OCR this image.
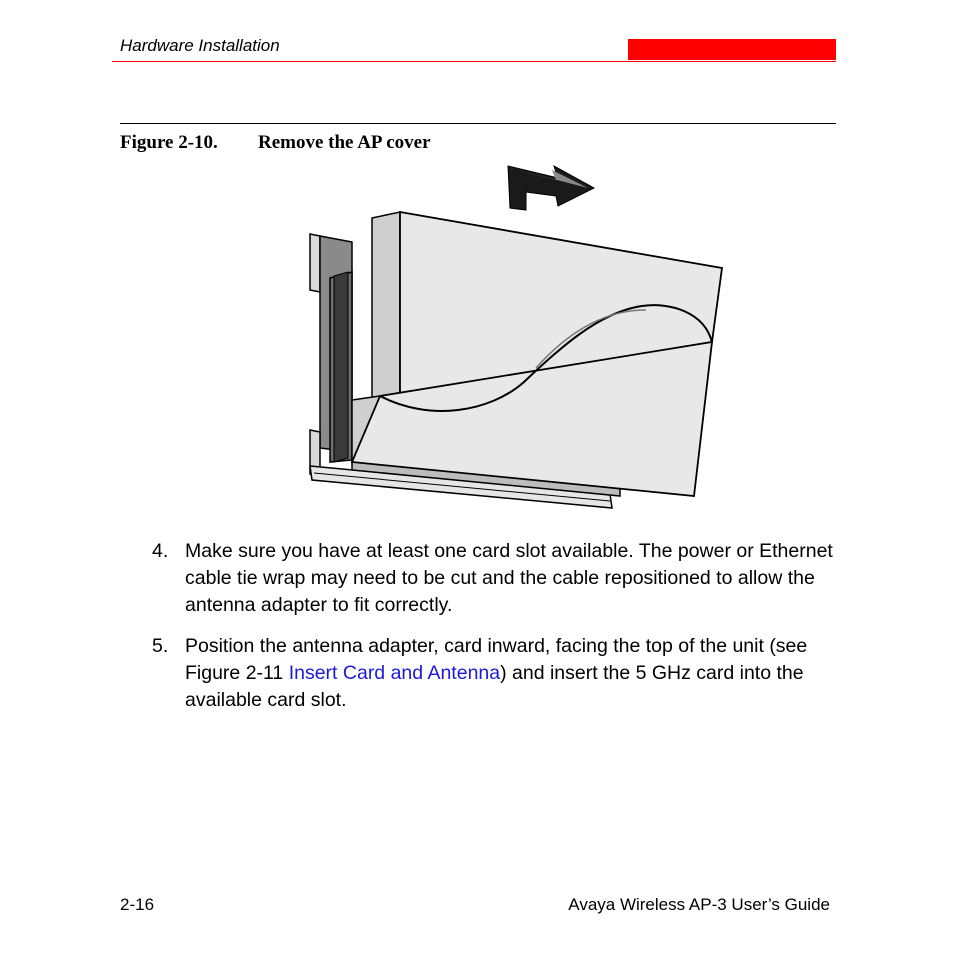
Hardware Installation
Figure 2-10. Remove the AP cover
4. Make sure you have at least one card slot available. The power or Ethernet cable tie wrap may need to be cut and the cable repositioned to allow the antenna adapter to fit correctly.
5. Position the antenna adapter, card inward, facing the top of the unit (see Figure 2-11 Insert Card and Antenna) and insert the 5 GHz card into the available card slot.
2-16	Avaya Wireless AP-3 User’s Guide
